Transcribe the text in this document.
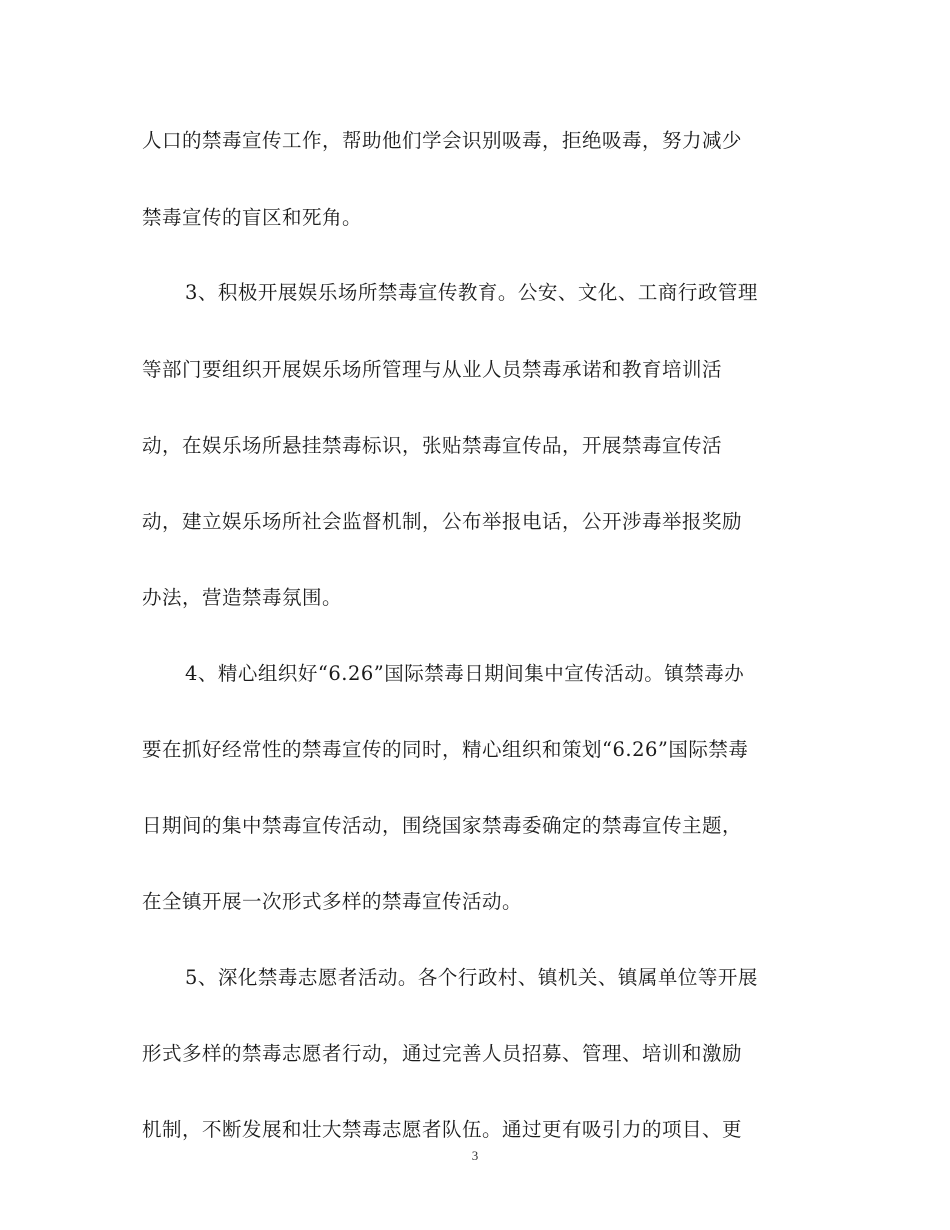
人口的禁毒宣传工作，帮助他们学会识别吸毒，拒绝吸毒，努力减少
禁毒宣传的盲区和死角。
3、积极开展娱乐场所禁毒宣传教育。公安、文化、工商行政管理
等部门要组织开展娱乐场所管理与从业人员禁毒承诺和教育培训活
动，在娱乐场所悬挂禁毒标识，张贴禁毒宣传品，开展禁毒宣传活
动，建立娱乐场所社会监督机制，公布举报电话，公开涉毒举报奖励
办法，营造禁毒氛围。
4、精心组织好“6.26”国际禁毒日期间集中宣传活动。镇禁毒办
要在抓好经常性的禁毒宣传的同时，精心组织和策划“6.26”国际禁毒
日期间的集中禁毒宣传活动，围绕国家禁毒委确定的禁毒宣传主题，
在全镇开展一次形式多样的禁毒宣传活动。
5、深化禁毒志愿者活动。各个行政村、镇机关、镇属单位等开展
形式多样的禁毒志愿者行动，通过完善人员招募、管理、培训和激励
机制，不断发展和壮大禁毒志愿者队伍。通过更有吸引力的项目、更
3
